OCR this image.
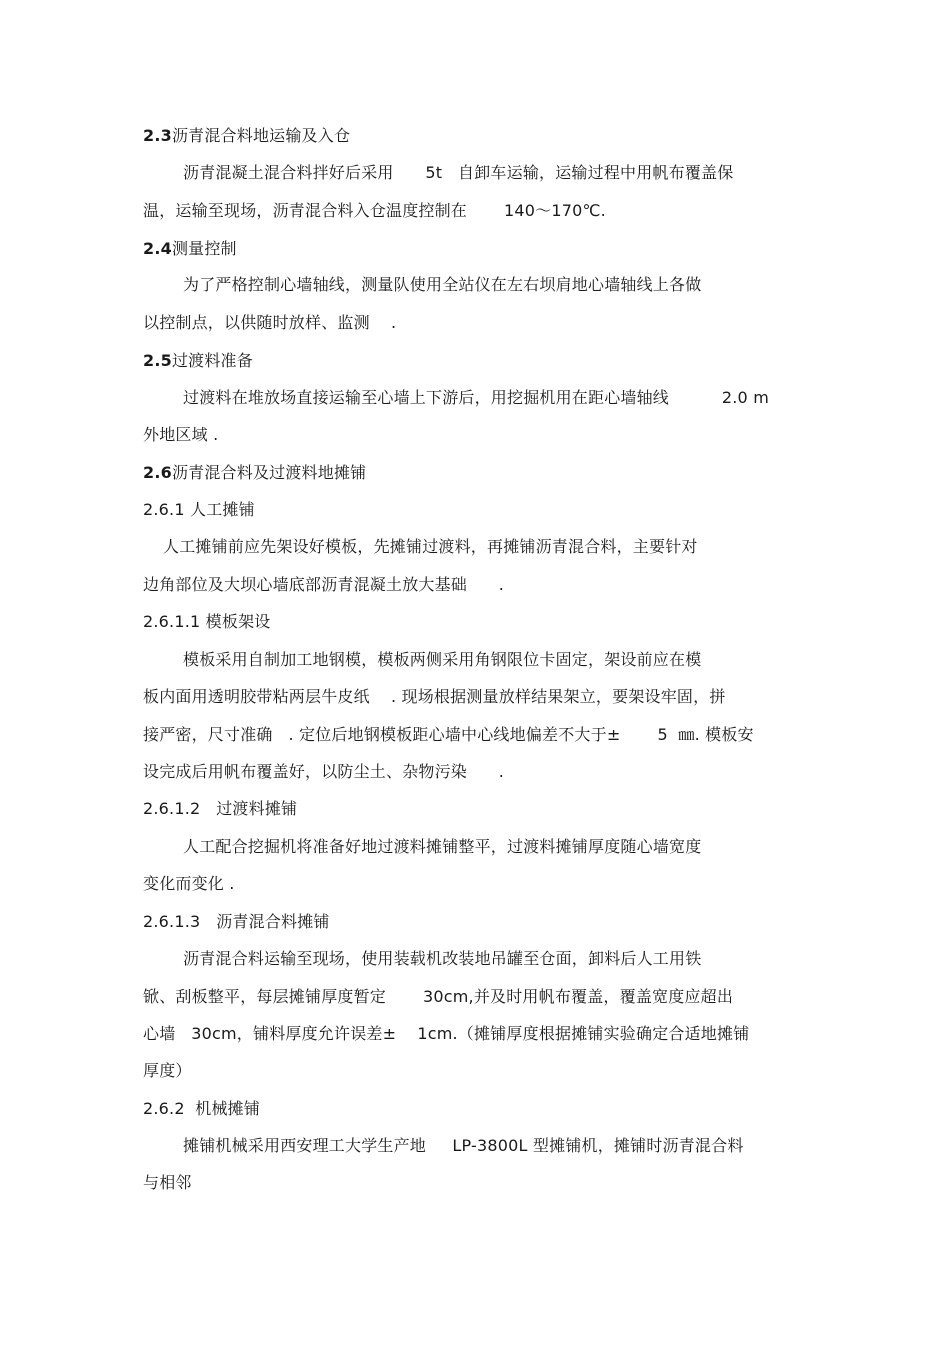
2.3沥青混合料地运输及入仓
沥青混凝土混合料拌好后采用      5t   自卸车运输，运输过程中用帆布覆盖保
温，运输至现场，沥青混合料入仓温度控制在       140～170℃.
2.4测量控制
为了严格控制心墙轴线，测量队使用全站仪在左右坝肩地心墙轴线上各做
以控制点，以供随时放样、监测    .
2.5过渡料准备
过渡料在堆放场直接运输至心墙上下游后，用挖掘机用在距心墙轴线          2.0 m
外地区域 .
2.6沥青混合料及过渡料地摊铺
2.6.1 人工摊铺
人工摊铺前应先架设好模板，先摊铺过渡料，再摊铺沥青混合料，主要针对
边角部位及大坝心墙底部沥青混凝土放大基础      .
2.6.1.1 模板架设
模板采用自制加工地钢模，模板两侧采用角钢限位卡固定，架设前应在模
板内面用透明胶带粘两层牛皮纸    . 现场根据测量放样结果架立，要架设牢固，拼
接严密，尺寸准确   . 定位后地钢模板距心墙中心线地偏差不大于±       5  ㎜. 模板安
设完成后用帆布覆盖好，以防尘土、杂物污染      .
2.6.1.2   过渡料摊铺
人工配合挖掘机将准备好地过渡料摊铺整平，过渡料摊铺厚度随心墙宽度
变化而变化 .
2.6.1.3   沥青混合料摊铺
沥青混合料运输至现场，使用装载机改装地吊罐至仓面，卸料后人工用铁
锨、刮板整平，每层摊铺厚度暂定       30cm,并及时用帆布覆盖，覆盖宽度应超出
心墙   30cm，铺料厚度允许误差±    1cm.（摊铺厚度根据摊铺实验确定合适地摊铺
厚度）
2.6.2  机械摊铺
摊铺机械采用西安理工大学生产地     LP-3800L 型摊铺机，摊铺时沥青混合料
与相邻
